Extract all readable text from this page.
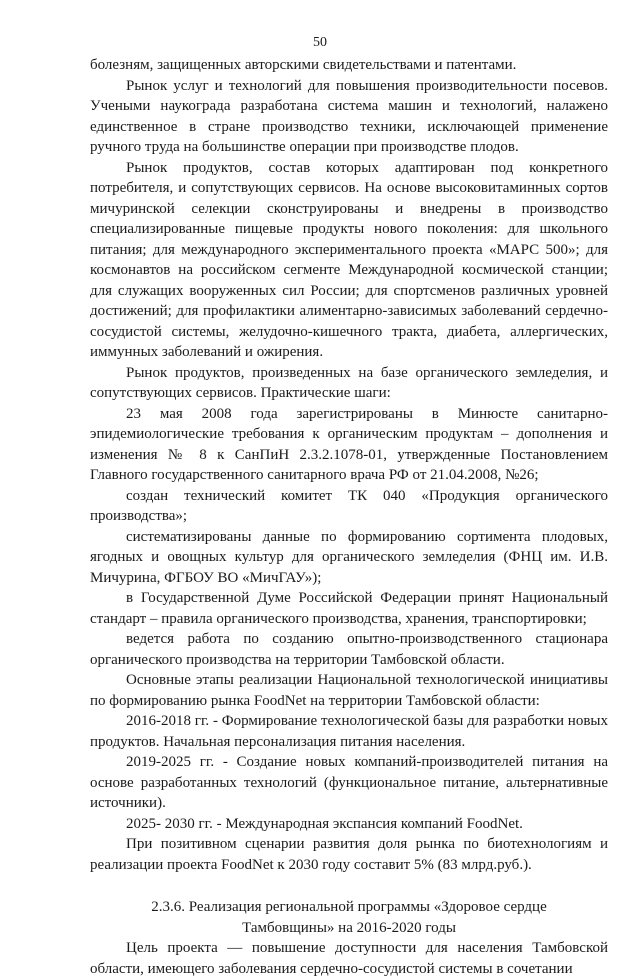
50

болезням, защищенных авторскими свидетельствами и патентами.

Рынок услуг и технологий для повышения производительности посевов. Учеными наукограда разработана система машин и технологий, налажено единственное в стране производство техники, исключающей применение ручного труда на большинстве операции при производстве плодов.

Рынок продуктов, состав которых адаптирован под конкретного потребителя, и сопутствующих сервисов. На основе высоковитаминных сортов мичуринской селекции сконструированы и внедрены в производство специализированные пищевые продукты нового поколения: для школьного питания; для международного экспериментального проекта «МАРС 500»; для космонавтов на российском сегменте Международной космической станции; для служащих вооруженных сил России; для спортсменов различных уровней достижений; для профилактики алиментарно-зависимых заболеваний сердечно-сосудистой системы, желудочно-кишечного тракта, диабета, аллергических, иммунных заболеваний и ожирения.

Рынок продуктов, произведенных на базе органического земледелия, и сопутствующих сервисов. Практические шаги:

23 мая 2008 года зарегистрированы в Минюсте санитарно-эпидемиологические требования к органическим продуктам – дополнения и изменения № 8 к СанПиН 2.3.2.1078-01, утвержденные Постановлением Главного государственного санитарного врача РФ от 21.04.2008, №26;

создан технический комитет ТК 040 «Продукция органического производства»;

систематизированы данные по формированию сортимента плодовых, ягодных и овощных культур для органического земледелия (ФНЦ им. И.В. Мичурина, ФГБОУ ВО «МичГАУ»);

в Государственной Думе Российской Федерации принят Национальный стандарт – правила органического производства, хранения, транспортировки;

ведется работа по созданию опытно-производственного стационара органического производства на территории Тамбовской области.

Основные этапы реализации Национальной технологической инициативы по формированию рынка FoodNet на территории Тамбовской области:

2016-2018 гг. - Формирование технологической базы для разработки новых продуктов. Начальная персонализация питания населения.

2019-2025 гг. - Создание новых компаний-производителей питания на основе разработанных технологий (функциональное питание, альтернативные источники).

2025- 2030 гг. - Международная экспансия компаний FoodNet.

При позитивном сценарии развития доля рынка по биотехнологиям и реализации проекта FoodNet к 2030 году составит 5% (83 млрд.руб.).

2.3.6. Реализация региональной программы «Здоровое сердце Тамбовщины» на 2016-2020 годы

Цель проекта — повышение доступности для населения Тамбовской области, имеющего заболевания сердечно-сосудистой системы в сочетании
